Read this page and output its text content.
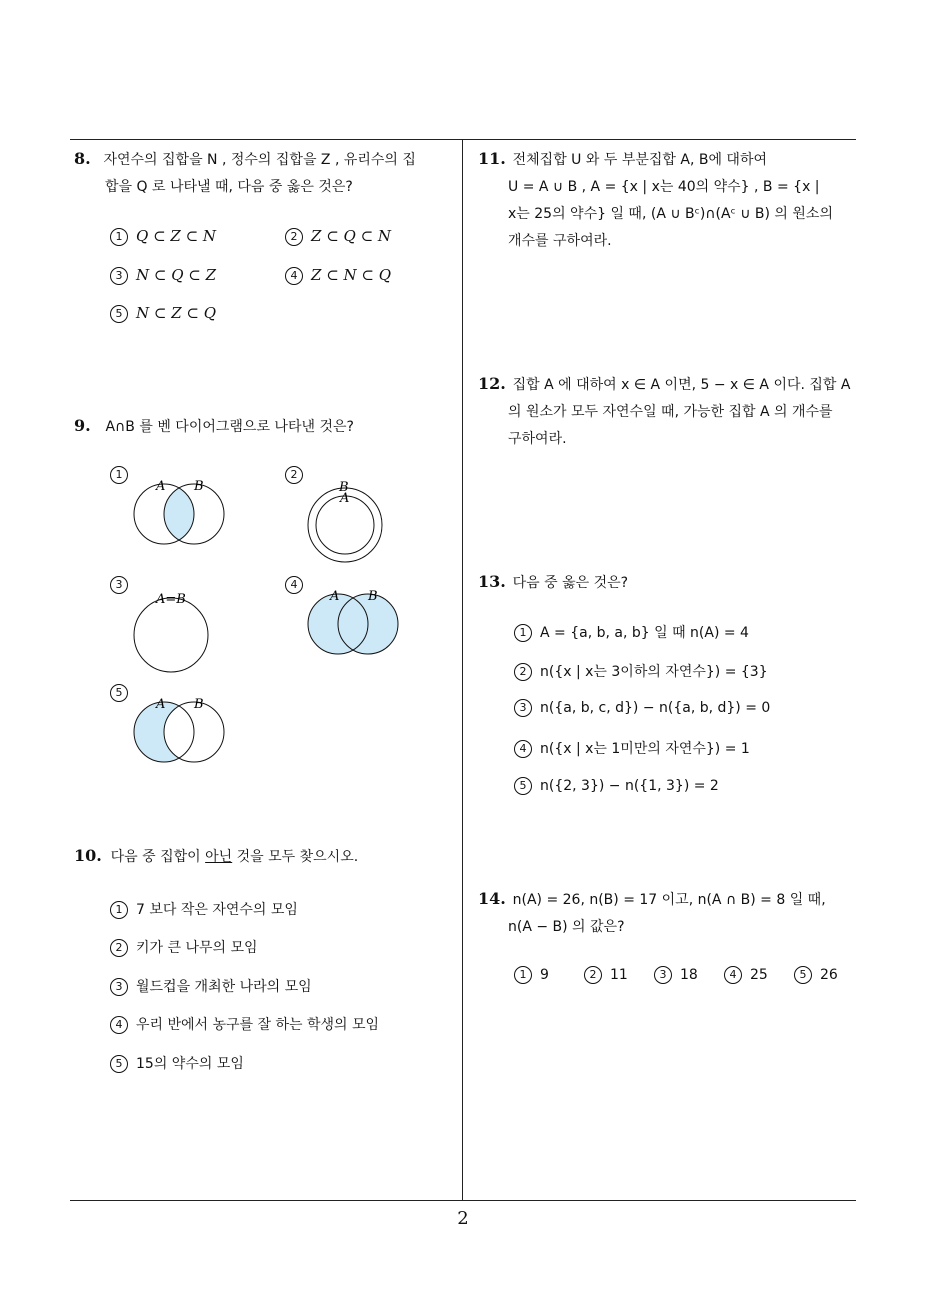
8. 자연수의 집합을 N , 정수의 집합을 Z , 유리수의 집
합을 Q 로 나타낼 때, 다음 중 옳은 것은?
1 Q ⊂ Z ⊂ N	2 Z ⊂ Q ⊂ N
3 N ⊂ Q ⊂ Z	4 Z ⊂ N ⊂ Q
5 N ⊂ Z ⊂ Q
9. A∩B 를 벤 다이어그램으로 나타낸 것은?
1
A B
2
B
A
3
A=B
4
A B
5
A B
10. 다음 중 집합이 아닌 것을 모두 찾으시오.
1 7 보다 작은 자연수의 모임
2 키가 큰 나무의 모임
3 월드컵을 개최한 나라의 모임
4 우리 반에서 농구를 잘 하는 학생의 모임
5 15의 약수의 모임
11. 전체집합 U 와 두 부분집합 A, B에 대하여
U = A ∪ B , A = {x | x는 40의 약수} , B = {x |
x는 25의 약수} 일 때, (A ∪ Bᶜ)∩(Aᶜ ∪ B) 의 원소의
개수를 구하여라.
12. 집합 A 에 대하여 x ∈ A 이면, 5 − x ∈ A 이다. 집합 A
의 원소가 모두 자연수일 때, 가능한 집합 A 의 개수를
구하여라.
13. 다음 중 옳은 것은?
1 A = {a, b, a, b} 일 때 n(A) = 4
2 n({x | x는 3이하의 자연수}) = {3}
3 n({a, b, c, d}) − n({a, b, d}) = 0
4 n({x | x는 1미만의 자연수}) = 1
5 n({2, 3}) − n({1, 3}) = 2
14. n(A) = 26, n(B) = 17 이고, n(A ∩ B) = 8 일 때,
n(A − B) 의 값은?
1 9	2 11	3 18	4 25	5 26
2
